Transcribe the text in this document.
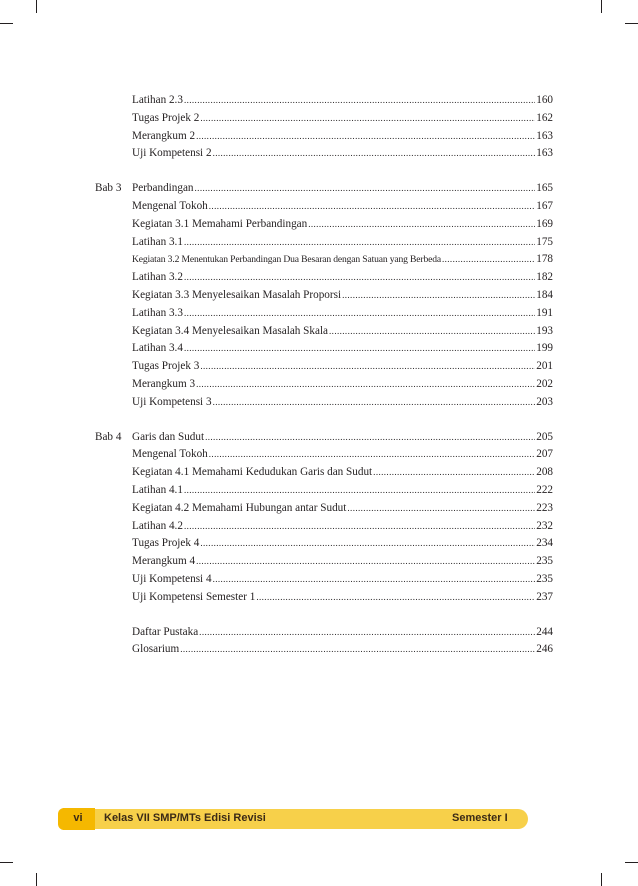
Latihan 2.3 .....	160
Tugas Projek 2 .....	162
Merangkum 2 .....	163
Uji Kompetensi 2 .....	163
Bab 3 Perbandingan .....	165
Mengenal Tokoh .....	167
Kegiatan 3.1 Memahami Perbandingan .....	169
Latihan 3.1 .....	175
Kegiatan 3.2 Menentukan Perbandingan Dua Besaran dengan Satuan yang Berbeda .....	178
Latihan 3.2 .....	182
Kegiatan 3.3 Menyelesaikan Masalah Proporsi .....	184
Latihan 3.3 .....	191
Kegiatan 3.4 Menyelesaikan Masalah Skala .....	193
Latihan 3.4 .....	199
Tugas Projek 3 .....	201
Merangkum 3 .....	202
Uji Kompetensi 3 .....	203
Bab 4 Garis dan Sudut .....	205
Mengenal Tokoh .....	207
Kegiatan 4.1 Memahami Kedudukan Garis dan Sudut .....	208
Latihan 4.1 .....	222
Kegiatan 4.2 Memahami Hubungan antar Sudut .....	223
Latihan 4.2 .....	232
Tugas Projek 4 .....	234
Merangkum 4 .....	235
Uji Kompetensi 4 .....	235
Uji Kompetensi Semester 1 .....	237
Daftar Pustaka .....	244
Glosarium .....	246
vi	Kelas VII SMP/MTs Edisi Revisi	Semester I
